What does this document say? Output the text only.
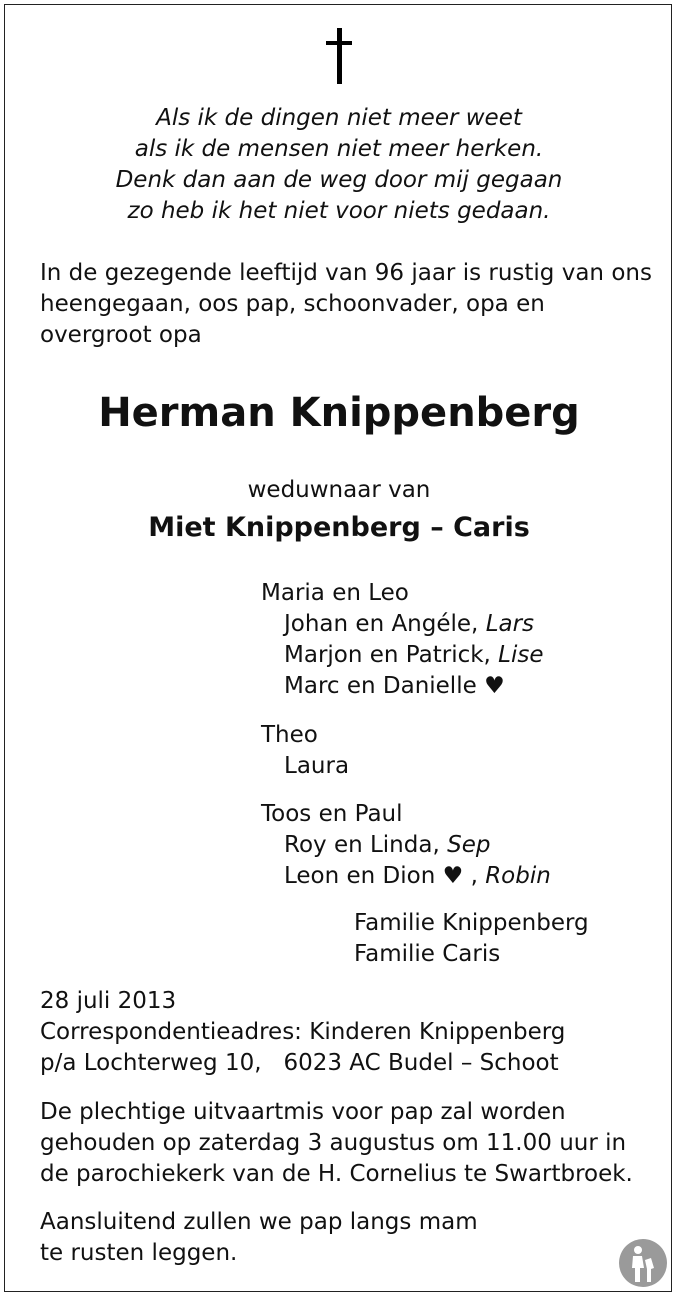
Als ik de dingen niet meer weet
als ik de mensen niet meer herken.
Denk dan aan de weg door mij gegaan
zo heb ik het niet voor niets gedaan.
In de gezegende leeftijd van 96 jaar is rustig van ons
heengegaan, oos pap, schoonvader, opa en
overgroot opa
Herman Knippenberg
weduwnaar van
Miet Knippenberg – Caris
Maria en Leo
Johan en Angéle, Lars
Marjon en Patrick, Lise
Marc en Danielle ♥
Theo
Laura
Toos en Paul
Roy en Linda, Sep
Leon en Dion ♥ , Robin
Familie Knippenberg
Familie Caris
28 juli 2013
Correspondentieadres: Kinderen Knippenberg
p/a Lochterweg 10,   6023 AC Budel – Schoot
De plechtige uitvaartmis voor pap zal worden
gehouden op zaterdag 3 augustus om 11.00 uur in
de parochiekerk van de H. Cornelius te Swartbroek.
Aansluitend zullen we pap langs mam
te rusten leggen.
